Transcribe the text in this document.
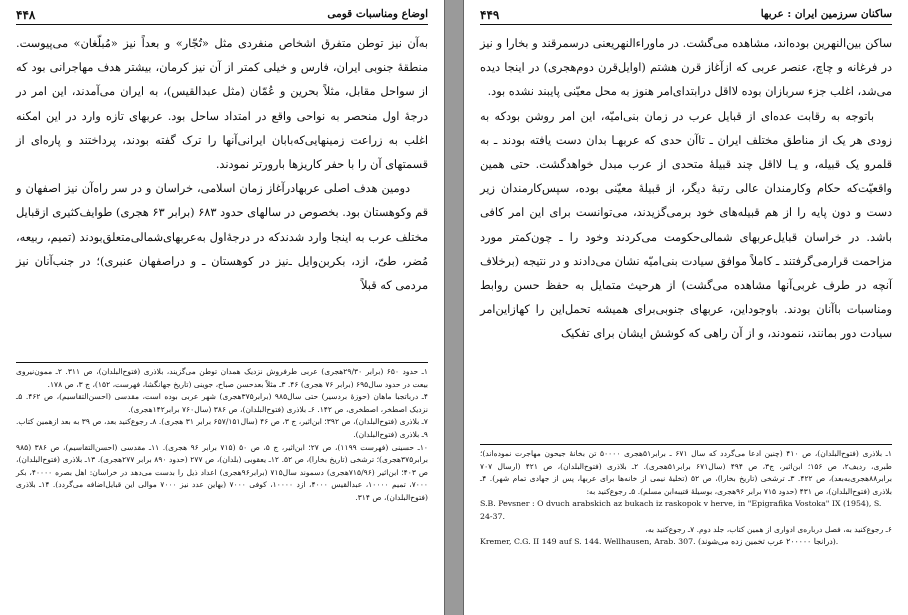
۴۴۸	اوضاع ومناسبات قومی

به‌آن نیز توطن متفرق اشخاص منفردی مثل «تُجّار» و بعداً نیز «مُبلّغان» می‌پیوست. منطقهٔ جنوبی ایران، فارس و خیلی کمتر از آن نیز کرمان، بیشتر هدف مهاجرانی بود که از سواحل مقابل، مثلاً بحرین و عُمّان (مثل عبدالقیس)، به ایران می‌آمدند، این امر در درجهٔ اول منحصر به نواحی واقع در امتداد ساحل بود. عربهای تازه وارد در این امکنه اغلب به زراعت زمینهایی‌که‌بابان ایرانی‌آنها را ترک گفته بودند، پرداختند و پاره‌ای از قسمتهای آن را با حفر کاریزها بارورتر نمودند.

دومین هدف اصلی عربهادرآغاز زمان اسلامی، خراسان و در سر راه‌آن نیز اصفهان و قم وکوهستان بود. بخصوص در سالهای حدود ۶۸۳ (برابر ۶۳ هجری) طوایف‌کثیری ازقبایل مختلف عرب به اینجا وارد شدند‌که در درجهٔ‌اول به‌عربهای‌شمالی‌متعلق‌بودند (تمیم، ربیعه، مُضر، طیّ، ازد، بکربن‌وایل ـ‌نیز در کوهستان ـ و دراصفهان عنبری)؛ در جنب‌آنان نیز مردمی که قبلاً

۱ـ حدود ۶۵۰ (برابر ۲۹/۳۰هجری) عربی طرفروش نزدیک همدان توطن می‌گزیند، بلاذری (فتوح‌البلدان)، ص ۳۱۱. ۲ـ ممون‌نیروی بیعت در حدود سال۶۹۵ (برابر ۷۶ هجری) ۴۶. ۳ـ مثلاً بعدحسن صباح، جوینی (تاریخ جهانگشا، فهرست، ۱۵۲)، ج ۳، ص ۱۷۸.
۴ـ درباتجبا ماهان (حوزهٔ بردسیر) حتی سال۹۸۵ (برابر۳۷۵هجری) شهر عربی بوده است، مقدسی (احسن‌التقاسیم)، ص ۴۶۲. ۵ـ نزدیک اصطخر، اصطخری، ص ۱۴۲. ۶ـ بلاذری (فتوح‌البلدان)، ص ۳۸۶ (سال۷۶۰ برابر۱۴۲هجری).
۷ـ بلاذری (فتوح‌البلدان)، ص ۳۹۲؛ ابن‌اثیر، ج ۳، ص ۴۶ (سال۶۵۷/۱۵۱ برابر ۳۱ هجری). ۸ـ رجوع‌کنید بعد، ص ۳۹ به بعد ازهمین کتاب. ۹ـ بلاذری (فتوح‌البلدان).
۱۰ـ حسینی (فهرست ۱۱۹۹)، ص ۲۷؛ ابن‌اثیر، ج ۵، ص ۵۰ (۷۱۵ برابر ۹۶ هجری). ۱۱ـ مقدسی (احسن‌التقاسیم)، ص ۳۸۶ (۹۸۵ برابر۳۷۵هجری)؛ ترشخی (تاریخ بخارا)، ص ۵۲. ۱۲ـ یعقوبی (بلدان)، ص ۲۷۷ (حدود ۸۹۰ برابر ۲۷۷هجری). ۱۳ـ بلاذری (فتوح‌البلدان)، ص ۴۰۳؛ ابن‌اثیر (۷۱۵/۹۶هجری) دسموند سال۷۱۵ (برابر۹۶هجری) اعداد ذیل را بدست می‌دهد در خراسان: اهل بصره ۴۰۰۰۰، بکر ۷۰۰۰، تمیم ۱۰۰۰۰، عبدالقیس ۴۰۰۰، ازد ۱۰۰۰۰، کوفی ۷۰۰۰ (بهاین عدد نیز ۷۰۰۰ موالی این قبایل‌اضافه می‌گردد). ۱۴ـ بلاذری (فتوح‌البلدان)، ص ۳۱۴.
۴۴۹	ساکنان سرزمین ایران : عربها

ساکن بین‌النهرین بوده‌اند، مشاهده می‌گشت. در ماوراءالنهریعنی درسمرقند و بخارا و نیز در فرغانه و چاچ، عنصر عربی که ازآغاز قرن هشتم (اوایل‌قرن دوم‌هجری) در اینجا دیده می‌شد، اغلب جزء سربازان بوده لااقل درابتدای‌امر هنوز به محل معیّنی پایبند نشده بود.

باتوجه به رقابت عده‌ای از قبایل عرب در زمان بنی‌امیّه، این امر روشن بودکه به زودی هر یک از مناطق مختلف ایران ـ تاآن حدی که عربهـا بدان دست یافته بودند ـ به قلمرو یک قبیله، و یـا لااقل چند قبیلهٔ متحدی از عرب مبدل خواهدگشت. حتی همین واقعیّت‌که حکام وکارمندان عالی رتبهٔ دیگر، از قبیلهٔ معیّنی بوده، سپس‌کارمندان زیر دست و دون پایه را از هم قبیله‌های خود برمی‌گزیدند، می‌توانست برای این امر کافی باشد. در خراسان قبایل‌عربهای شمالی‌حکومت می‌کردند وخود را ـ چون‌کمتر مورد مزاحمت قرارمی‌گرفتند ـ کاملاً موافق سیادت بنی‌امیّه نشان می‌دادند و در نتیجه (برخلاف آنچه در طرف غربی‌آنها مشاهده می‌گشت) از هرحیث متمایل به حفظ حسن روابط ومناسبات باآنان بودند. باوجوداین، عربهای جنوبی‌برای همیشه تحمل‌این را کهازاین‌امر سیادت دور بمانند، ننمودند، و از آن راهی که کوشش ایشان برای تفکیک

۱ـ بلاذری (فتوح‌البلدان)، ص ۴۱۰ (چنین ادعا می‌گردد که سال ۶۷۱ ـ برابر۵۱هجری ۵۰۰۰۰ تن بخانهٔ جیحون مهاجرت نموده‌اند)؛ طبری، ردیف۲، ص ۱۵۶؛ ابن‌اثیر، ج۳، ص ۴۹۴ (سال۶۷۱ برابر۵۱هجری). ۲ـ بلاذری (فتوح‌البلدان)، ص ۴۲۱ (ارسال ۷۰۷ برابر۸۸هجری‌به‌بعد)، ص ۴۲۲. ۳ـ ترشخی (تاریخ بخارا)، ص ۵۲ (تخلیهٔ نیمی از خانه‌ها برای عربها، پس از جهادی تمام شهر). ۴ـ بلاذری (فتوح‌البلدان)، ص ۴۳۱ (حدود ۷۱۵ برابر ۹۶هجری، بوسیلهٔ قتیبه‌ابن مسلم). ۵ـ رجوع‌کنید به:
S.B. Pevsner : O dvuch arabskich az bukach iz raskopok v herve, in "Epigrafika Vostoka" IX (1954), S. 24-37.
۶ـ رجوع‌کنید به، فصل درباره‌ی ادواری از همین کتاب، جلد دوم. ۷ـ رجوع‌کنید به،
Kremer, C.G. II 149 auf S. 144. Wellhausen, Arab. 307. (درانجا ۲۰۰۰۰۰ عرب تخمین زده می‌شوند).
